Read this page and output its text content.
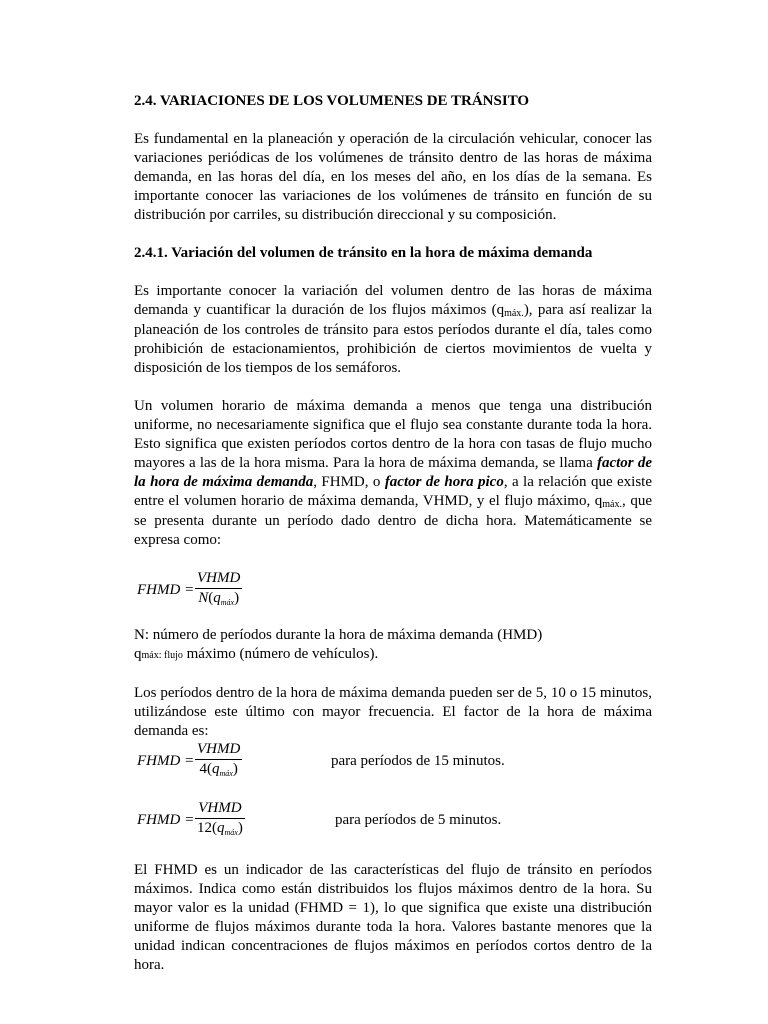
2.4. VARIACIONES DE LOS VOLUMENES DE TRÁNSITO

Es fundamental en la planeación y operación de la circulación vehicular, conocer las variaciones periódicas de los volúmenes de tránsito dentro de las horas de máxima demanda, en las horas del día, en los meses del año, en los días de la semana. Es importante conocer las variaciones de los volúmenes de tránsito en función de su distribución por carriles, su distribución direccional y su composición.

2.4.1. Variación del volumen de tránsito en la hora de máxima demanda

Es importante conocer la variación del volumen dentro de las horas de máxima demanda y cuantificar la duración de los flujos máximos $(q_{máx.})$, para así realizar la planeación de los controles de tránsito para estos períodos durante el día, tales como prohibición de estacionamientos, prohibición de ciertos movimientos de vuelta y disposición de los tiempos de los semáforos.

Un volumen horario de máxima demanda a menos que tenga una distribución uniforme, no necesariamente significa que el flujo sea constante durante toda la hora. Esto significa que existen períodos cortos dentro de la hora con tasas de flujo mucho mayores a las de la hora misma. Para la hora de máxima demanda, se llama factor de la hora de máxima demanda, FHMD, o factor de hora pico, a la relación que existe entre el volumen horario de máxima demanda, VHMD, y el flujo máximo, $q_{máx.}$, que se presenta durante un período dado dentro de dicha hora. Matemáticamente se expresa como:

FHMD =
VHMD
$N(q_{máx})$

N: número de períodos durante la hora de máxima demanda (HMD)

qmáx: flujo máximo (número de vehículos).

Los períodos dentro de la hora de máxima demanda pueden ser de 5, 10 o 15 minutos, utilizándose este último con mayor frecuencia. El factor de la hora de máxima demanda es:

FHMD =
VHMD
$4(q_{máx})$	para períodos de 15 minutos.
FHMD =
VHMD
$12(q_{máx})$	para períodos de 5 minutos.

El FHMD es un indicador de las características del flujo de tránsito en períodos máximos. Indica como están distribuidos los flujos máximos dentro de la hora. Su mayor valor es la unidad (FHMD = 1), lo que significa que existe una distribución uniforme de flujos máximos durante toda la hora. Valores bastante menores que la unidad indican concentraciones de flujos máximos en períodos cortos dentro de la hora.
